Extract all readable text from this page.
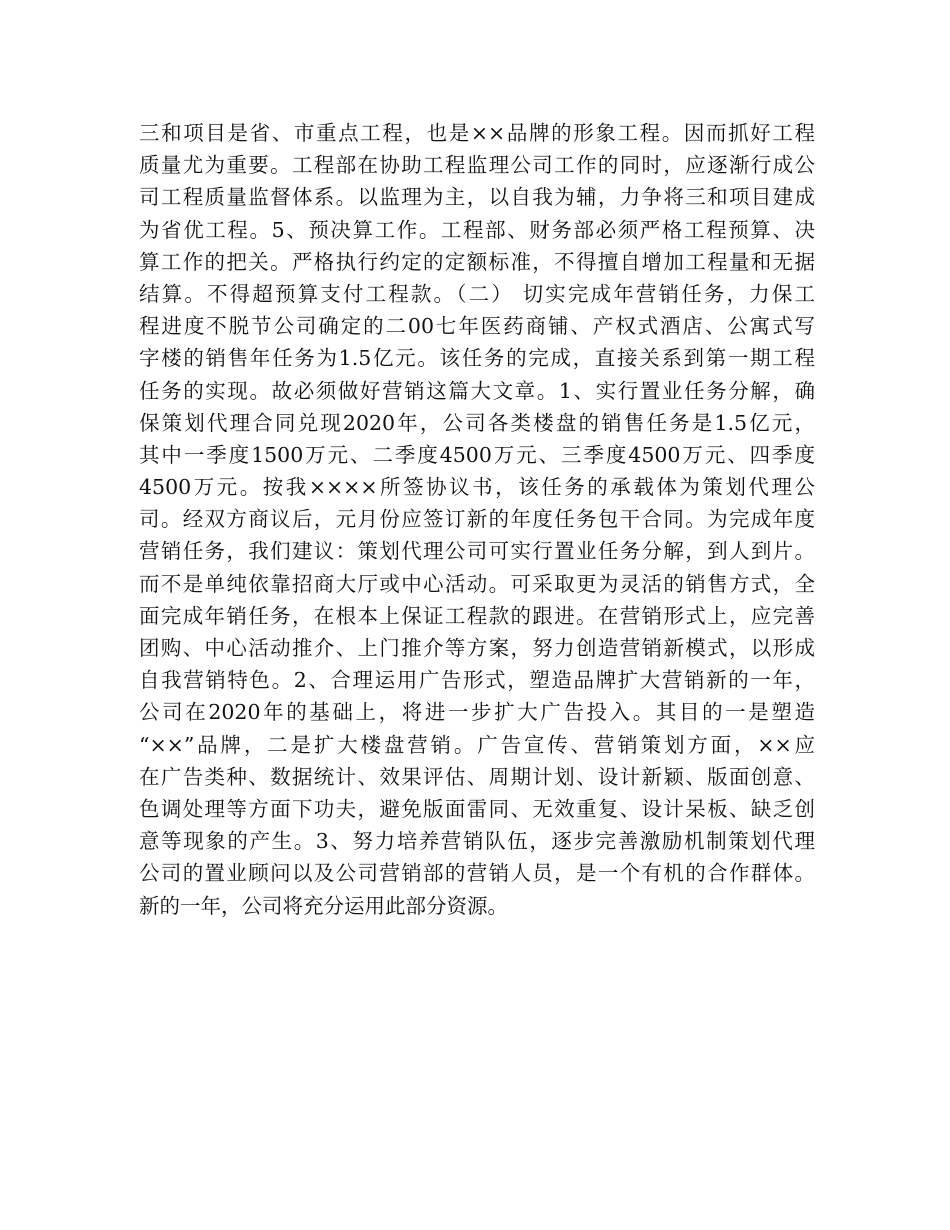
三和项目是省、市重点工程，也是××品牌的形象工程。因而抓好工程
质量尤为重要。工程部在协助工程监理公司工作的同时，应逐渐行成公
司工程质量监督体系。以监理为主，以自我为辅，力争将三和项目建成
为省优工程。5、预决算工作。工程部、财务部必须严格工程预算、决
算工作的把关。严格执行约定的定额标准，不得擅自增加工程量和无据
结算。不得超预算支付工程款。（二） 切实完成年营销任务，力保工
程进度不脱节公司确定的二00七年医药商铺、产权式酒店、公寓式写
字楼的销售年任务为1.5亿元。该任务的完成，直接关系到第一期工程
任务的实现。故必须做好营销这篇大文章。1、实行置业任务分解，确
保策划代理合同兑现2020年，公司各类楼盘的销售任务是1.5亿元，
其中一季度1500万元、二季度4500万元、三季度4500万元、四季度
4500万元。按我××××所签协议书，该任务的承载体为策划代理公
司。经双方商议后，元月份应签订新的年度任务包干合同。为完成年度
营销任务，我们建议：策划代理公司可实行置业任务分解，到人到片。
而不是单纯依靠招商大厅或中心活动。可采取更为灵活的销售方式，全
面完成年销任务，在根本上保证工程款的跟进。在营销形式上，应完善
团购、中心活动推介、上门推介等方案，努力创造营销新模式，以形成
自我营销特色。2、合理运用广告形式，塑造品牌扩大营销新的一年，
公司在2020年的基础上，将进一步扩大广告投入。其目的一是塑造
“××”品牌，二是扩大楼盘营销。广告宣传、营销策划方面，××应
在广告类种、数据统计、效果评估、周期计划、设计新颖、版面创意、
色调处理等方面下功夫，避免版面雷同、无效重复、设计呆板、缺乏创
意等现象的产生。3、努力培养营销队伍，逐步完善激励机制策划代理
公司的置业顾问以及公司营销部的营销人员，是一个有机的合作群体。
新的一年，公司将充分运用此部分资源。
